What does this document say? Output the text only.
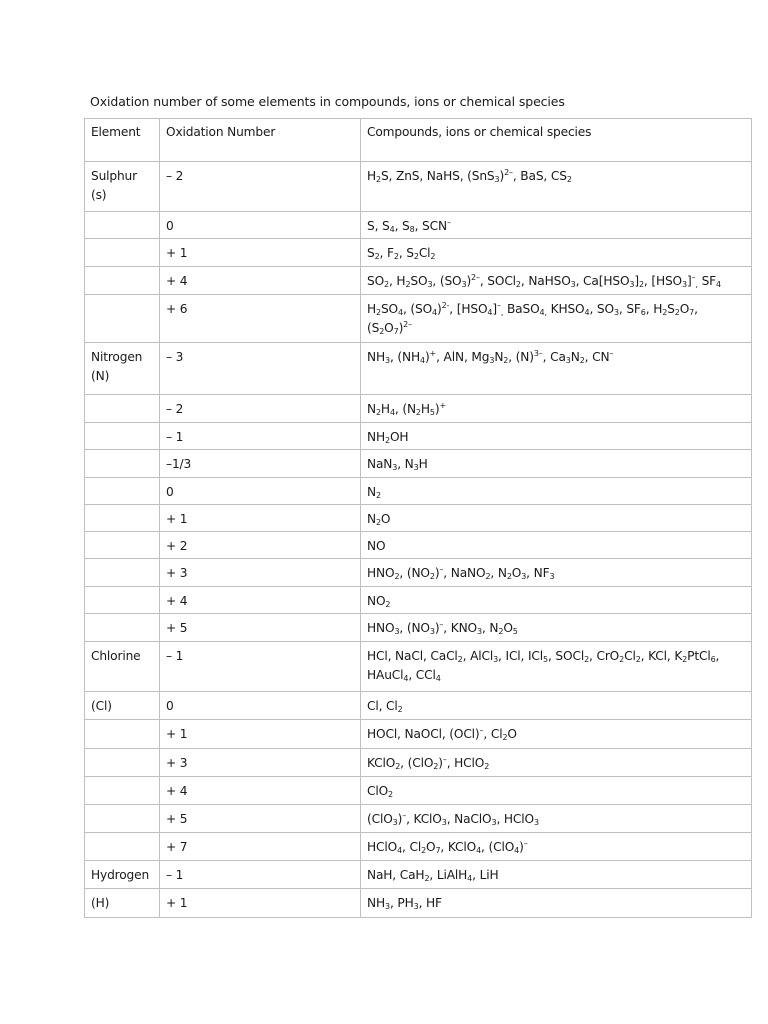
Oxidation number of some elements in compounds, ions or chemical species
Element	Oxidation Number	Compounds, ions or chemical species
Sulphur (s)	– 2	$H_2S$, ZnS, NaHS, $(SnS_3)^{2-}$, BaS, $CS_2$
	0	S, $S_4$, $S_8$, SCN–
	+ 1	$S_2$, $F_2$, $S_2Cl_2$
	+ 4	$SO_2$, $H_2SO_3$, $(SO_3)^{2-}$, SOCl$_2$, NaHSO$_3$, $Ca[HSO_3]_2$, $[HSO_3]^-_,$ $SF_4$
	+ 6	$H_2SO_4$, $(SO_4)^{2-}$, $[HSO_4]^-_,$ BaSO$_{4,}$ $KHSO_4$, $SO_3$, $SF_6$, $H_2S_2O_7$, $(S_2O_7)^{2-}$
Nitrogen (N)	– 3	$NH_3$, $(NH_4)^+$, AlN, $Mg_3N_2$, $(N)^{3-}$, $Ca_3N_2$, CN–
	– 2	$N_2H_4$, $(N_2H_5)^+$
	– 1	$NH_2OH$
	–1/3	NaN$_3$, $N_3H$
	0	$N_2$
	+ 1	$N_2O$
	+ 2	NO
	+ 3	$HNO_2$, $(NO_2)^-$, NaNO$_2$, $N_2O_3$, $NF_3$
	+ 4	$NO_2$
	+ 5	$HNO_3$, $(NO_3)^-$, $KNO_3$, $N_2O_5$
Chlorine	– 1	HCl, NaCl, CaCl$_2$, AlCl$_3$, ICl, ICl$_5$, SOCl$_2$, $CrO_2Cl_2$, KCl, $K_2PtCl_6$, HAuCl$_4$, CCl$_4$
(Cl)	0	Cl, $Cl_2$
	+ 1	HOCl, NaOCl, (OCl)–, $Cl_2O$
	+ 3	KClO$_2$, (ClO$_2$)–, HClO$_2$
	+ 4	ClO$_2$
	+ 5	(ClO$_3$)–, KClO$_3$, NaClO$_3$, HClO$_3$
	+ 7	HClO$_4$, $Cl_2O_7$, KClO$_4$, (ClO$_4$)–
Hydrogen	– 1	NaH, CaH$_2$, LiAlH$_4$, LiH
(H)	+ 1	$NH_3$, $PH_3$, HF
